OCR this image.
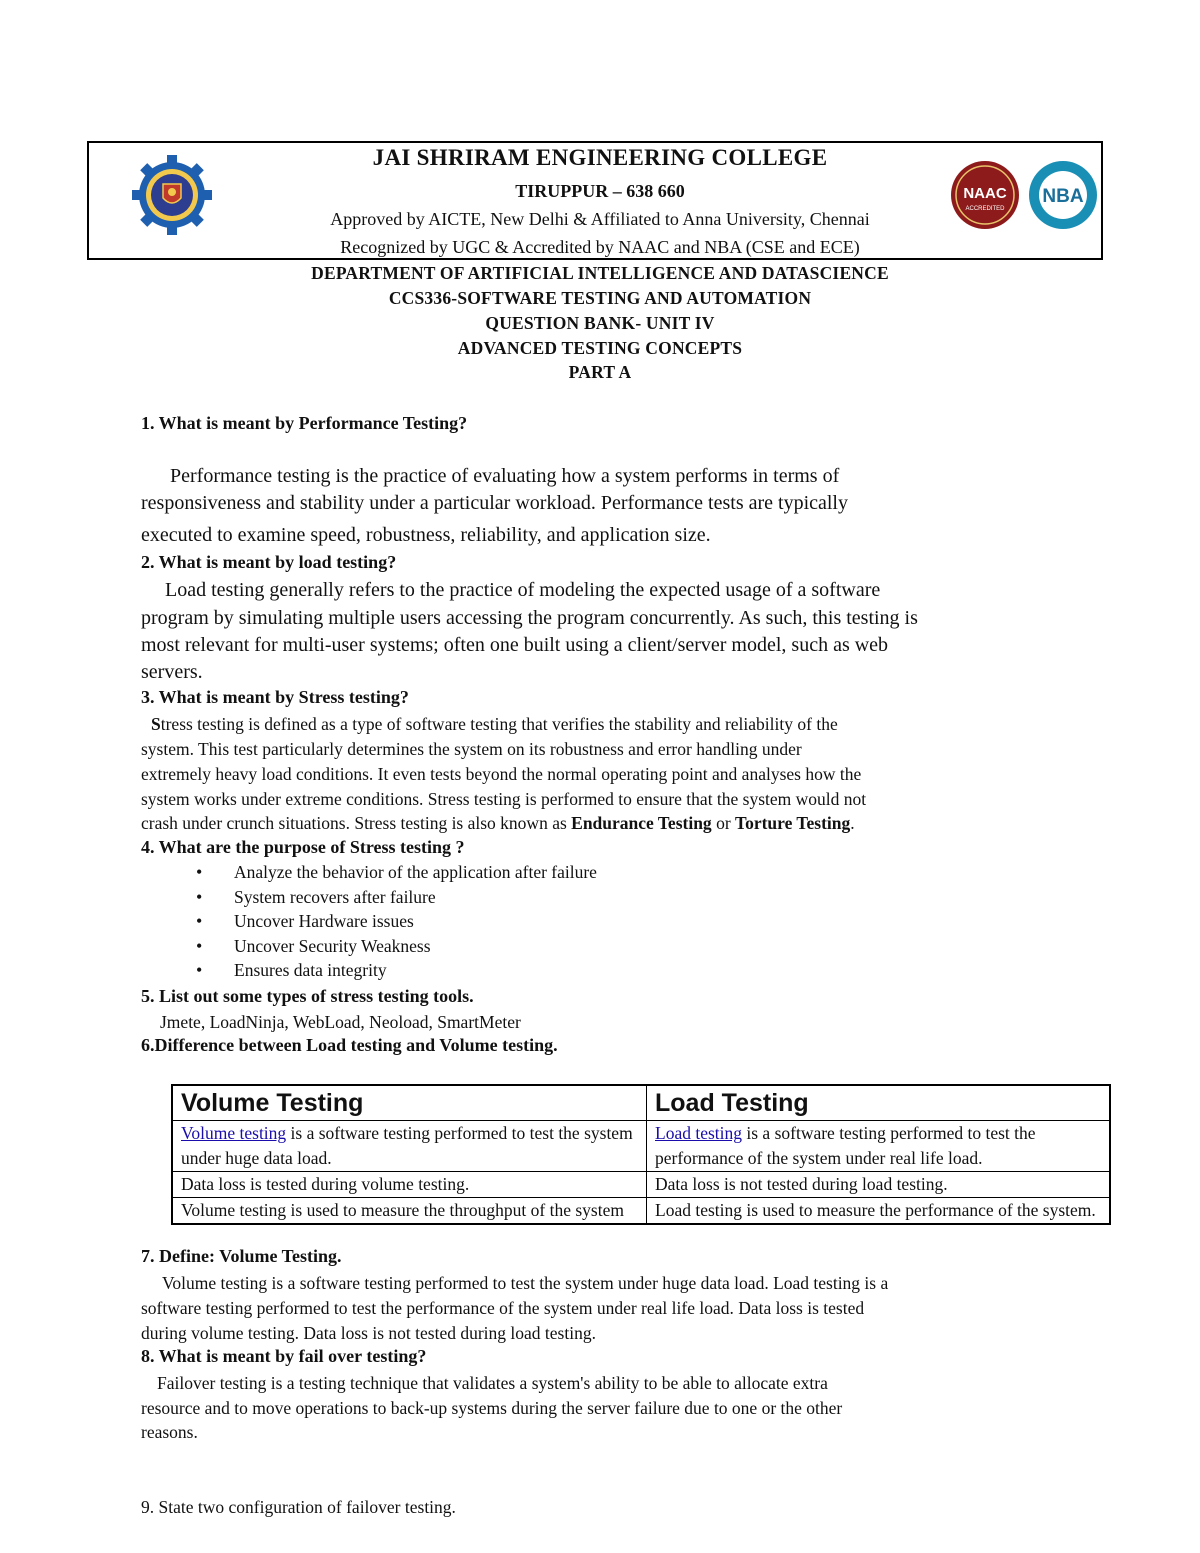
NAAC
ACCREDITED
NBA
JAI SHRIRAM ENGINEERING COLLEGE
TIRUPPUR – 638 660
Approved by AICTE, New Delhi & Affiliated to Anna University, Chennai
Recognized by UGC & Accredited by NAAC and NBA (CSE and ECE)
DEPARTMENT OF ARTIFICIAL INTELLIGENCE AND DATASCIENCE
CCS336-SOFTWARE TESTING AND AUTOMATION
QUESTION BANK- UNIT IV
ADVANCED TESTING CONCEPTS
PART A
1. What is meant by Performance Testing?
Performance testing is the practice of evaluating how a system performs in terms of
responsiveness and stability under a particular workload. Performance tests are typically
executed to examine speed, robustness, reliability, and application size.
2. What is meant by load testing?
Load testing generally refers to the practice of modeling the expected usage of a software
program by simulating multiple users accessing the program concurrently. As such, this testing is
most relevant for multi-user systems; often one built using a client/server model, such as web
servers.
3. What is meant by Stress testing?
Stress testing is defined as a type of software testing that verifies the stability and reliability of the
system. This test particularly determines the system on its robustness and error handling under
extremely heavy load conditions. It even tests beyond the normal operating point and analyses how the
system works under extreme conditions. Stress testing is performed to ensure that the system would not
crash under crunch situations. Stress testing is also known as Endurance Testing or Torture Testing.
4. What are the purpose of Stress testing ?
• Analyze the behavior of the application after failure
• System recovers after failure
• Uncover Hardware issues
• Uncover Security Weakness
• Ensures data integrity
5. List out some types of stress testing tools.
Jmete, LoadNinja, WebLoad, Neoload, SmartMeter
6.Difference between Load testing and Volume testing.
Volume Testing	Load Testing
Volume testing is a software testing performed to test the system under huge data load.	Load testing is a software testing performed to test the performance of the system under real life load.
Data loss is tested during volume testing.	Data loss is not tested during load testing.
Volume testing is used to measure the throughput of the system	Load testing is used to measure the performance of the system.
7. Define: Volume Testing.
Volume testing is a software testing performed to test the system under huge data load. Load testing is a
software testing performed to test the performance of the system under real life load. Data loss is tested
during volume testing. Data loss is not tested during load testing.
8. What is meant by fail over testing?
Failover testing is a testing technique that validates a system's ability to be able to allocate extra
resource and to move operations to back-up systems during the server failure due to one or the other
reasons.
9. State two configuration of failover testing.
